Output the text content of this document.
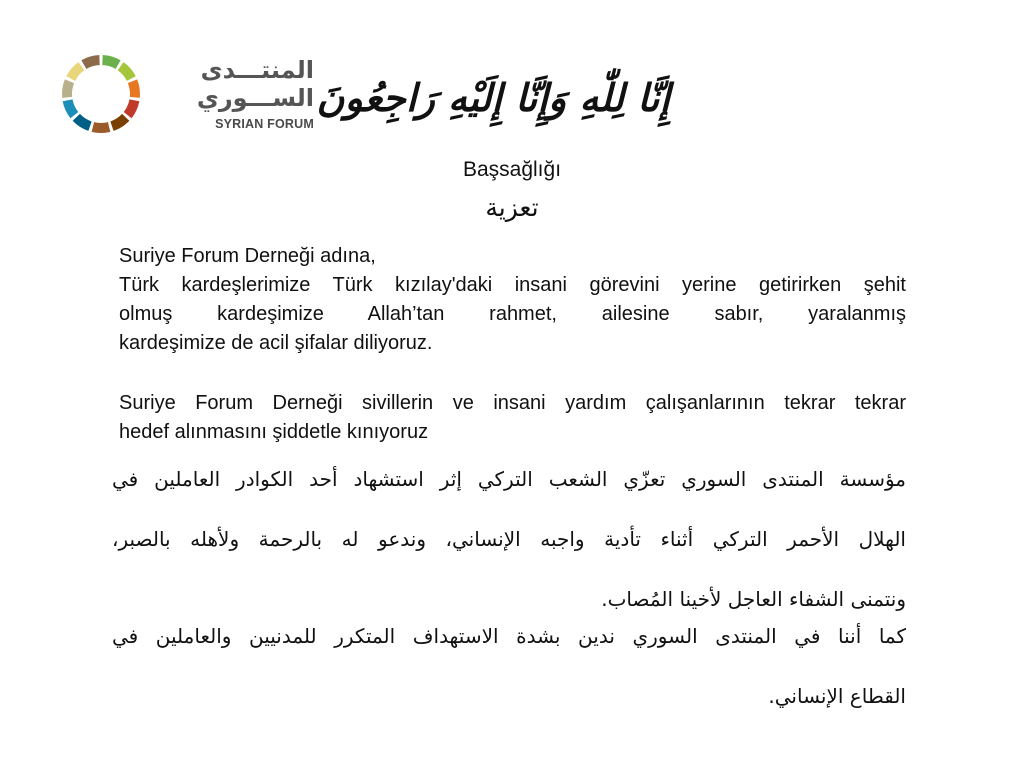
المنتـــدى
الســـوري
SYRIAN FORUM
إِنَّا لِلّٰهِ وَإِنَّا إِلَيْهِ رَاجِعُونَ
Başsağlığı
تعزية
Suriye Forum Derneği adına,
Türk kardeşlerimize Türk kızılay'daki insani görevini yerine getirirken şehit
olmuş kardeşimize Allah’tan rahmet, ailesine sabır, yaralanmış
kardeşimize de acil şifalar diliyoruz.
Suriye Forum Derneği sivillerin ve insani yardım çalışanlarının tekrar tekrar
hedef alınmasını şiddetle kınıyoruz
مؤسسة المنتدى السوري تعزّي الشعب التركي إثر استشهاد أحد الكوادر العاملين في
الهلال الأحمر التركي أثناء تأدية واجبه الإنساني، وندعو له بالرحمة ولأهله بالصبر،
ونتمنى الشفاء العاجل لأخينا المُصاب.
كما أننا في المنتدى السوري ندين بشدة الاستهداف المتكرر للمدنيين والعاملين في
القطاع الإنساني.
